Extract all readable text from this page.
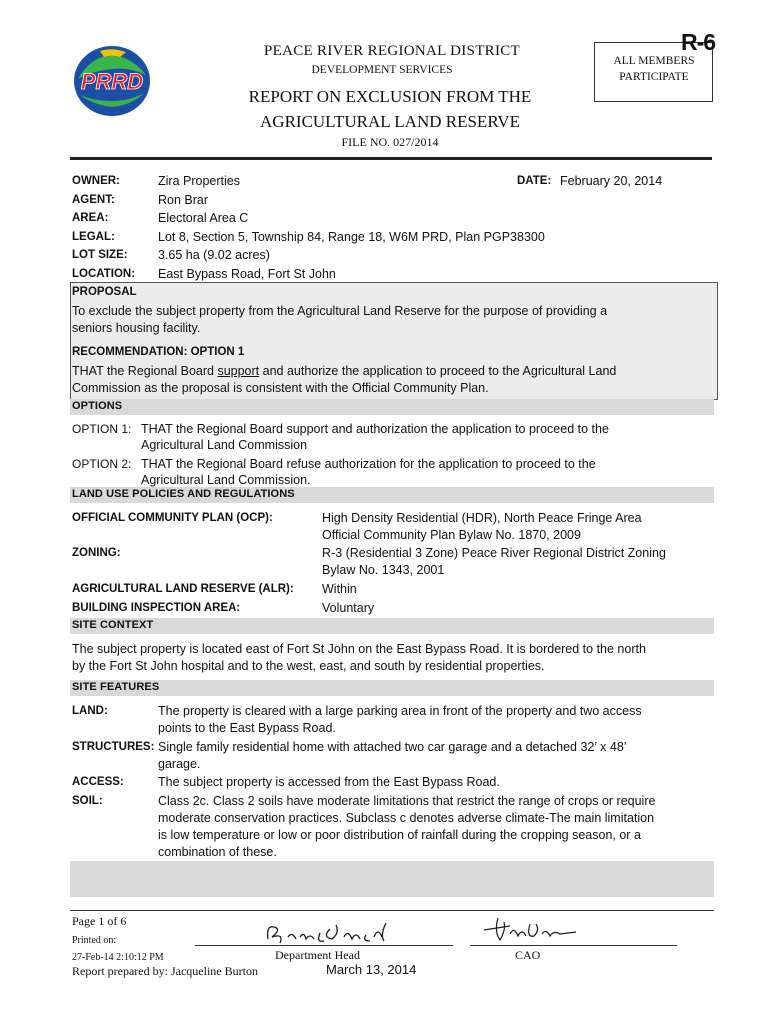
PRRD
PEACE RIVER REGIONAL DISTRICT
DEVELOPMENT SERVICES
REPORT ON EXCLUSION FROM THE
AGRICULTURAL LAND RESERVE
FILE NO. 027/2014
ALL MEMBERS
PARTICIPATE
R-6
OWNER:	Zira Properties	DATE: February 20, 2014
AGENT:	Ron Brar
AREA:	Electoral Area C
LEGAL:	Lot 8, Section 5, Township 84, Range 18, W6M PRD, Plan PGP38300
LOT SIZE: 3.65 ha (9.02 acres)
LOCATION: East Bypass Road, Fort St John
PROPOSAL
To exclude the subject property from the Agricultural Land Reserve for the purpose of providing a
seniors housing facility.
RECOMMENDATION: OPTION 1
THAT the Regional Board support and authorize the application to proceed to the Agricultural Land
Commission as the proposal is consistent with the Official Community Plan.
OPTIONS
OPTION 1: THAT the Regional Board support and authorization the application to proceed to the
Agricultural Land Commission
OPTION 2: THAT the Regional Board refuse authorization for the application to proceed to the
Agricultural Land Commission.
LAND USE POLICIES AND REGULATIONS
OFFICIAL COMMUNITY PLAN (OCP):	High Density Residential (HDR), North Peace Fringe Area
Official Community Plan Bylaw No. 1870, 2009
ZONING:	R-3 (Residential 3 Zone) Peace River Regional District Zoning
Bylaw No. 1343, 2001
AGRICULTURAL LAND RESERVE (ALR): Within
BUILDING INSPECTION AREA:	Voluntary
SITE CONTEXT
The subject property is located east of Fort St John on the East Bypass Road. It is bordered to the north
by the Fort St John hospital and to the west, east, and south by residential properties.
SITE FEATURES
LAND:	The property is cleared with a large parking area in front of the property and two access
points to the East Bypass Road.
STRUCTURES: Single family residential home with attached two car garage and a detached 32’ x 48’
garage.
ACCESS:	The subject property is accessed from the East Bypass Road.
SOIL:	Class 2c. Class 2 soils have moderate limitations that restrict the range of crops or require
moderate conservation practices. Subclass c denotes adverse climate-The main limitation
is low temperature or low or poor distribution of rainfall during the cropping season, or a
combination of these.
Page 1 of 6
Printed on:
27-Feb-14 2:10:12 PM
Report prepared by: Jacqueline Burton
Department Head	CAO
March 13, 2014
